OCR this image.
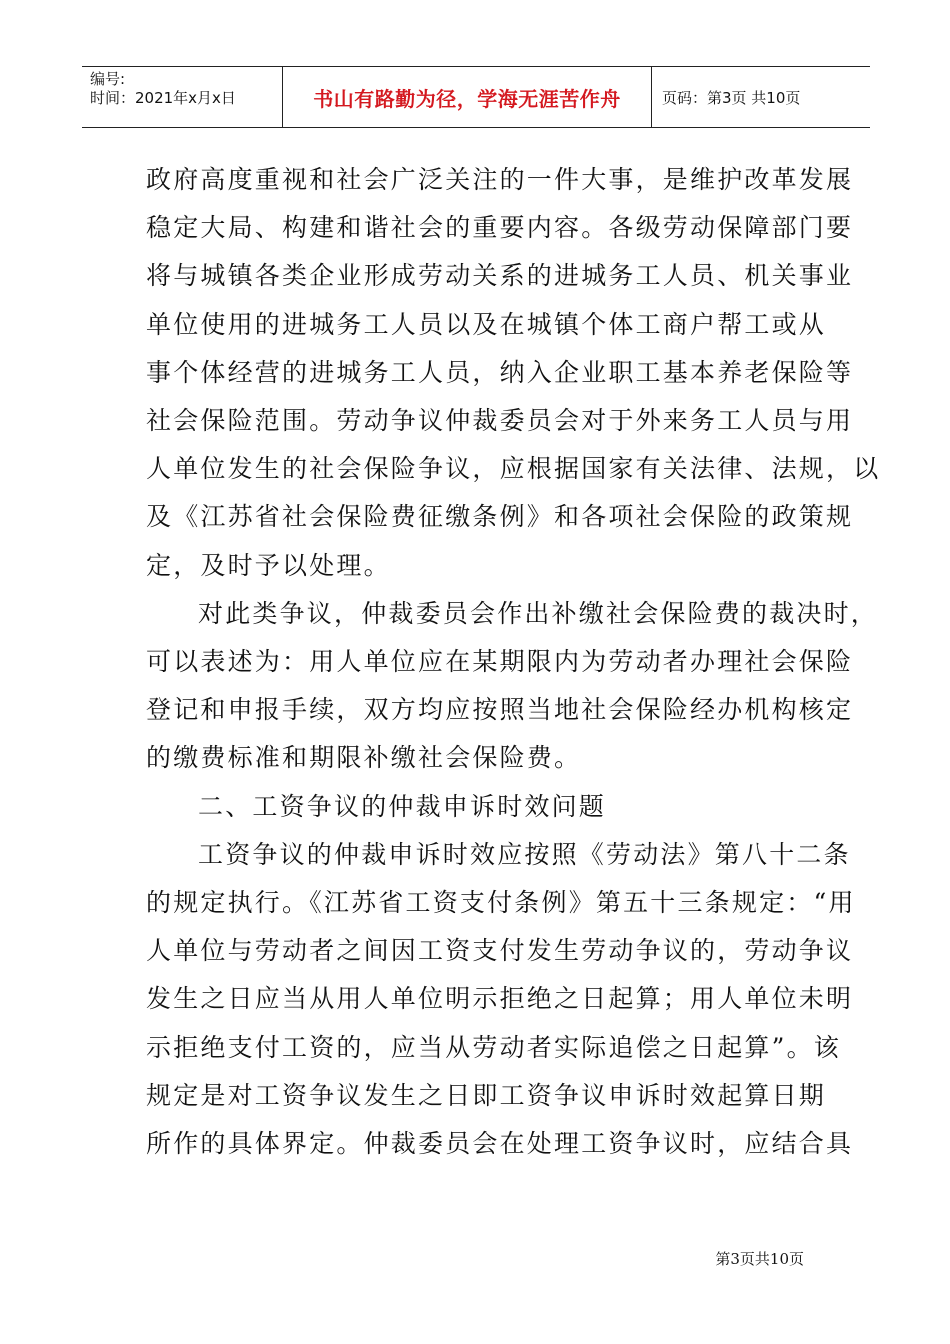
编号:
时间：2021年x月x日	书山有路勤为径，学海无涯苦作舟	页码：第3页 共10页
政府高度重视和社会广泛关注的一件大事，是维护改革发展
稳定大局、构建和谐社会的重要内容。各级劳动保障部门要
将与城镇各类企业形成劳动关系的进城务工人员、机关事业
单位使用的进城务工人员以及在城镇个体工商户帮工或从
事个体经营的进城务工人员，纳入企业职工基本养老保险等
社会保险范围。劳动争议仲裁委员会对于外来务工人员与用
人单位发生的社会保险争议，应根据国家有关法律、法规，以
及《江苏省社会保险费征缴条例》和各项社会保险的政策规
定，及时予以处理。
对此类争议，仲裁委员会作出补缴社会保险费的裁决时，
可以表述为：用人单位应在某期限内为劳动者办理社会保险
登记和申报手续，双方均应按照当地社会保险经办机构核定
的缴费标准和期限补缴社会保险费。
二、工资争议的仲裁申诉时效问题
工资争议的仲裁申诉时效应按照《劳动法》第八十二条
的规定执行。《江苏省工资支付条例》第五十三条规定：“用
人单位与劳动者之间因工资支付发生劳动争议的，劳动争议
发生之日应当从用人单位明示拒绝之日起算；用人单位未明
示拒绝支付工资的，应当从劳动者实际追偿之日起算”。该
规定是对工资争议发生之日即工资争议申诉时效起算日期
所作的具体界定。仲裁委员会在处理工资争议时，应结合具
第3页共10页
